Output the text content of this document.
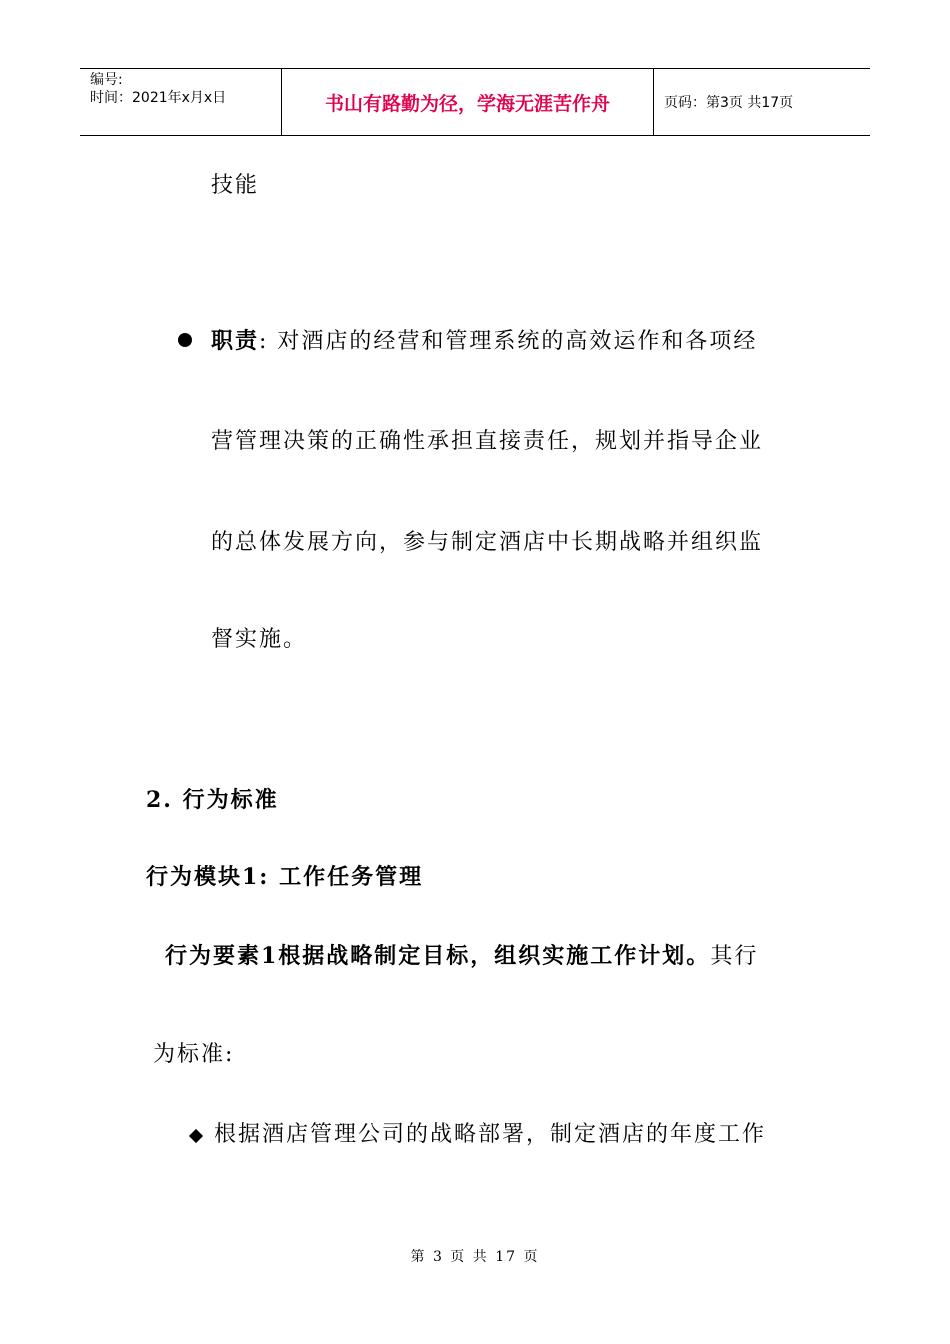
编号:
时间：2021年x月x日	书山有路勤为径，学海无涯苦作舟	页码：第3页 共17页
技能
职责: 对酒店的经营和管理系统的高效运作和各项经
营管理决策的正确性承担直接责任，规划并指导企业
的总体发展方向，参与制定酒店中长期战略并组织监
督实施。
2. 行为标准
行为模块1: 工作任务管理
行为要素1根据战略制定目标，组织实施工作计划。其行
为标准:
根据酒店管理公司的战略部署，制定酒店的年度工作
第 3 页 共 17 页
